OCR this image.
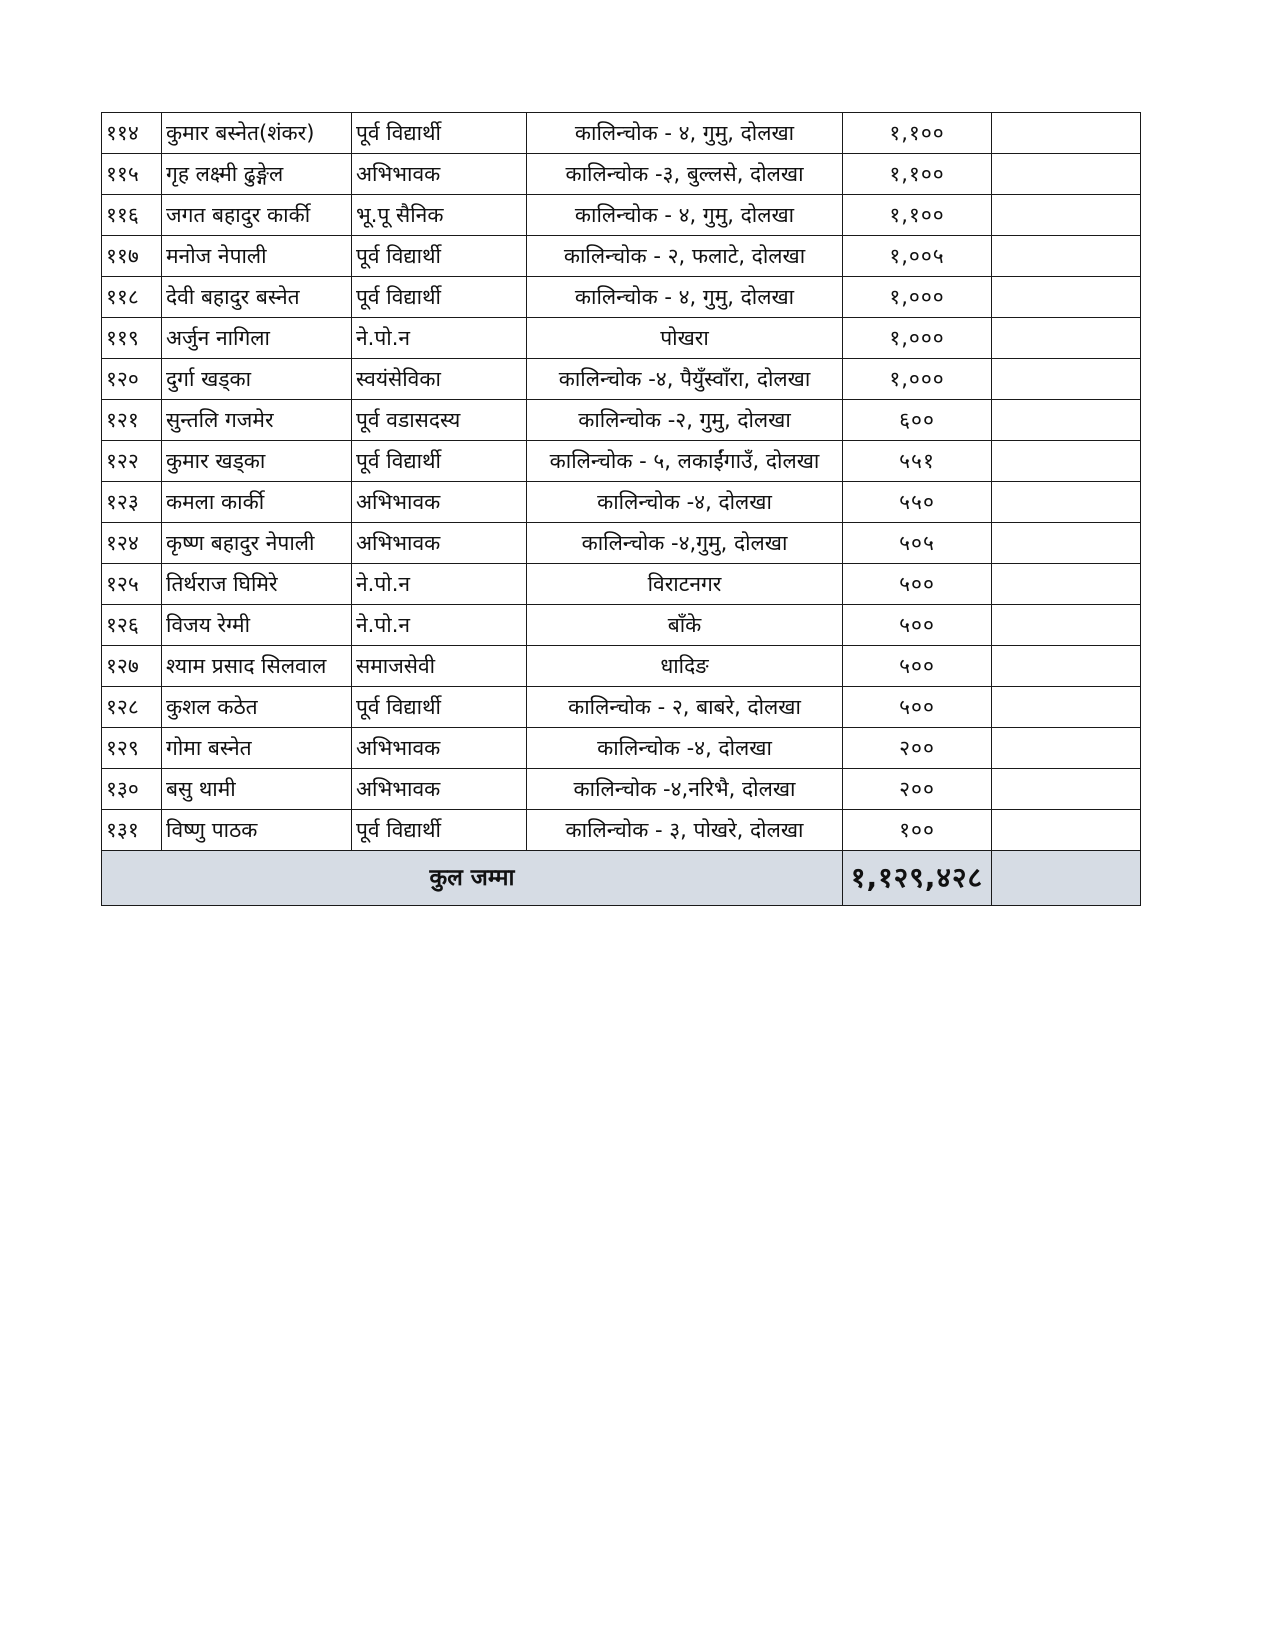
११४	कुमार बस्नेत(शंकर)	पूर्व विद्यार्थी	कालिन्चोक - ४, गुमु, दोलखा	१,१००	
११५	गृह लक्ष्मी ढुङ्गेल	अभिभावक	कालिन्चोक -३, बुल्लसे, दोलखा	१,१००	
११६	जगत बहादुर कार्की	भू.पू सैनिक	कालिन्चोक - ४, गुमु, दोलखा	१,१००	
११७	मनोज नेपाली	पूर्व विद्यार्थी	कालिन्चोक - २, फलाटे, दोलखा	१,००५	
११८	देवी बहादुर बस्नेत	पूर्व विद्यार्थी	कालिन्चोक - ४, गुमु, दोलखा	१,०००	
११९	अर्जुन नागिला	ने.पो.न	पोखरा	१,०००	
१२०	दुर्गा खड्का	स्वयंसेविका	कालिन्चोक -४, पैयुँस्वाँरा, दोलखा	१,०००	
१२१	सुन्तलि गजमेर	पूर्व वडासदस्य	कालिन्चोक -२, गुमु, दोलखा	६००	
१२२	कुमार खड्का	पूर्व विद्यार्थी	कालिन्चोक - ५, लकाईंगाउँ, दोलखा	५५१	
१२३	कमला कार्की	अभिभावक	कालिन्चोक -४, दोलखा	५५०	
१२४	कृष्ण बहादुर नेपाली	अभिभावक	कालिन्चोक -४,गुमु, दोलखा	५०५	
१२५	तिर्थराज घिमिरे	ने.पो.न	विराटनगर	५००	
१२६	विजय रेग्मी	ने.पो.न	बाँके	५००	
१२७	श्याम प्रसाद सिलवाल	समाजसेवी	धादिङ	५००	
१२८	कुशल कठेत	पूर्व विद्यार्थी	कालिन्चोक - २, बाबरे, दोलखा	५००	
१२९	गोमा बस्नेत	अभिभावक	कालिन्चोक -४, दोलखा	२००	
१३०	बसु थामी	अभिभावक	कालिन्चोक -४,नरिभै, दोलखा	२००	
१३१	विष्णु पाठक	पूर्व विद्यार्थी	कालिन्चोक - ३, पोखरे, दोलखा	१००	
कुल जम्मा				१,१२९,४२८	
